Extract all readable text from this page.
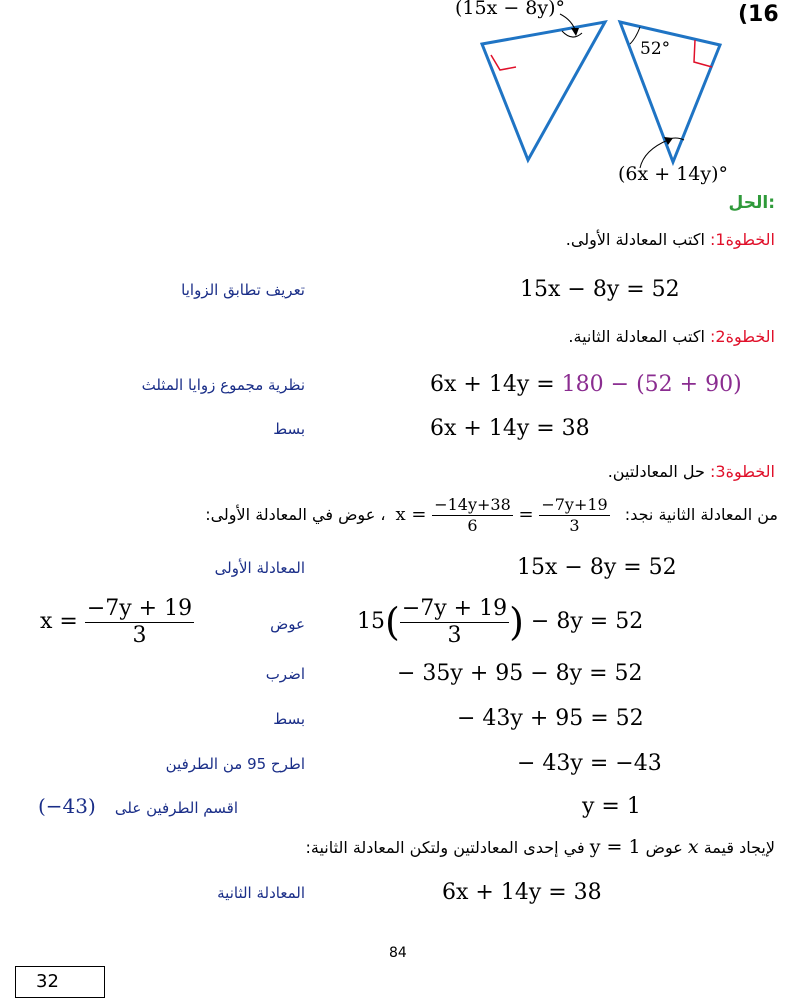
(16
(15x − 8y)°
52°
(6x + 14y)°
الحل:
الخطوة1: اكتب المعادلة الأولى.
15x − 8y = 52
تعريف تطابق الزوايا
الخطوة2: اكتب المعادلة الثانية.
6x + 14y = 180 − (52 + 90)
نظرية مجموع زوايا المثلث
6x + 14y = 38
بسط
الخطوة3: حل المعادلتين.
من المعادلة الثانية نجد: $x = \frac{-14y+38}{6} = \frac{-7y+19}{3}$
، عوض في المعادلة الأولى:
15x − 8y = 52
المعادلة الأولى
$15( \frac{-7y + 19}{3}$ ) − 8y = 52
عوض
$x = \frac{-7y + 19}{3}$
− 35y + 95 − 8y = 52
اضرب
− 43y + 95 = 52
بسط
− 43y = −43
اطرح 95 من الطرفين
y = 1
(−43) اقسم الطرفين على
لإيجاد قيمة x عوض y = 1 في إحدى المعادلتين ولتكن المعادلة الثانية:
6x + 14y = 38
المعادلة الثانية
84
32
